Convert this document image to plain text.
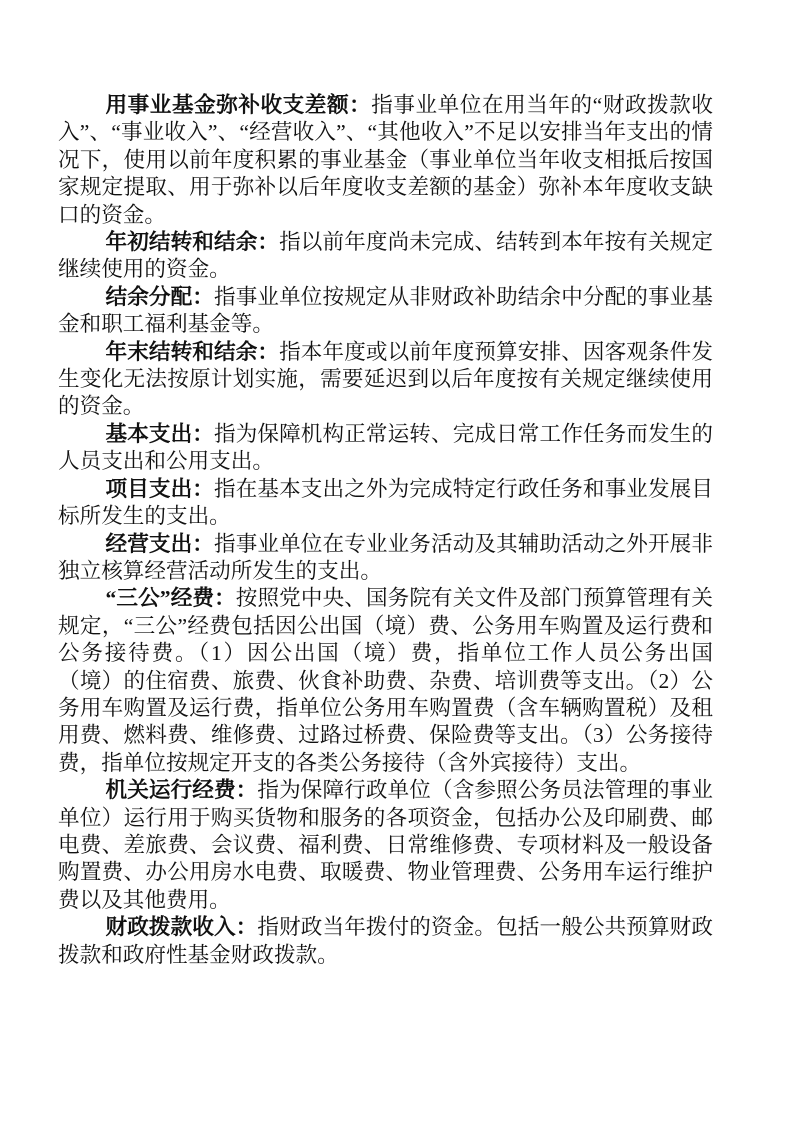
用事业基金弥补收支差额：指事业单位在用当年的“财政拨款收入”、“事业收入”、“经营收入”、“其他收入”不足以安排当年支出的情况下，使用以前年度积累的事业基金（事业单位当年收支相抵后按国家规定提取、用于弥补以后年度收支差额的基金）弥补本年度收支缺口的资金。

年初结转和结余：指以前年度尚未完成、结转到本年按有关规定继续使用的资金。

结余分配：指事业单位按规定从非财政补助结余中分配的事业基金和职工福利基金等。

年末结转和结余：指本年度或以前年度预算安排、因客观条件发生变化无法按原计划实施，需要延迟到以后年度按有关规定继续使用的资金。

基本支出：指为保障机构正常运转、完成日常工作任务而发生的人员支出和公用支出。

项目支出：指在基本支出之外为完成特定行政任务和事业发展目标所发生的支出。

经营支出：指事业单位在专业业务活动及其辅助活动之外开展非独立核算经营活动所发生的支出。

“三公”经费：按照党中央、国务院有关文件及部门预算管理有关规定，“三公”经费包括因公出国（境）费、公务用车购置及运行费和公务接待费。（1）因公出国（境）费，指单位工作人员公务出国（境）的住宿费、旅费、伙食补助费、杂费、培训费等支出。（2）公务用车购置及运行费，指单位公务用车购置费（含车辆购置税）及租用费、燃料费、维修费、过路过桥费、保险费等支出。（3）公务接待费，指单位按规定开支的各类公务接待（含外宾接待）支出。

机关运行经费：指为保障行政单位（含参照公务员法管理的事业单位）运行用于购买货物和服务的各项资金，包括办公及印刷费、邮电费、差旅费、会议费、福利费、日常维修费、专项材料及一般设备购置费、办公用房水电费、取暖费、物业管理费、公务用车运行维护费以及其他费用。

财政拨款收入：指财政当年拨付的资金。包括一般公共预算财政拨款和政府性基金财政拨款。
